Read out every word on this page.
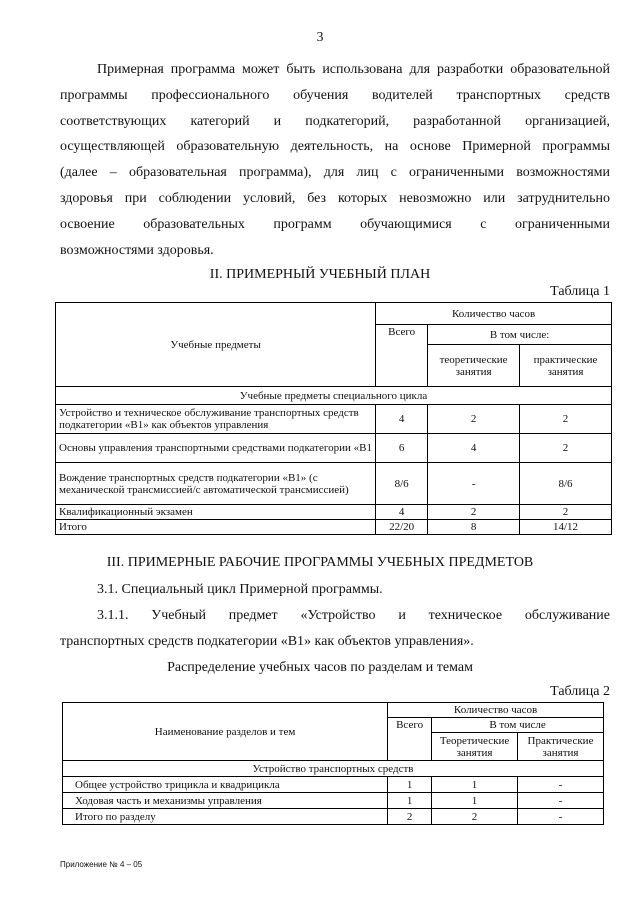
3
Примерная программа может быть использована для разработки образовательной
программы профессионального обучения водителей транспортных средств
соответствующих категорий и подкатегорий, разработанной организацией,
осуществляющей образовательную деятельность, на основе Примерной программы
(далее – образовательная программа), для лиц с ограниченными возможностями
здоровья при соблюдении условий, без которых невозможно или затруднительно
освоение образовательных программ обучающимися с ограниченными
возможностями здоровья.
II. ПРИМЕРНЫЙ УЧЕБНЫЙ ПЛАН
Таблица 1
Учебные предметы	Количество часов		
	Всего	В том числе:	
		теоретические занятия	практические занятия
Учебные предметы специального цикла			
Устройство и техническое обслуживание транспортных средств подкатегории «В1» как объектов управления	4	2	2
Основы управления транспортными средствами подкатегории «В1	6	4	2
Вождение транспортных средств подкатегории «В1» (с механической трансмиссией/с автоматической трансмиссией)	8/6	-	8/6
Квалификационный экзамен	4	2	2
Итого	22/20	8	14/12
III. ПРИМЕРНЫЕ РАБОЧИЕ ПРОГРАММЫ УЧЕБНЫХ ПРЕДМЕТОВ
3.1. Специальный цикл Примерной программы.
3.1.1. Учебный предмет «Устройство и техническое обслуживание
транспортных средств подкатегории «В1» как объектов управления».
Распределение учебных часов по разделам и темам
Таблица 2
Наименование разделов и тем	Количество часов		
	Всего	В том числе	
		Теоретические занятия	Практические занятия
Устройство транспортных средств			
Общее устройство трицикла и квадрицикла	1	1	-
Ходовая часть и механизмы управления	1	1	-
Итого по разделу	2	2	-
Приложение № 4 – 05
